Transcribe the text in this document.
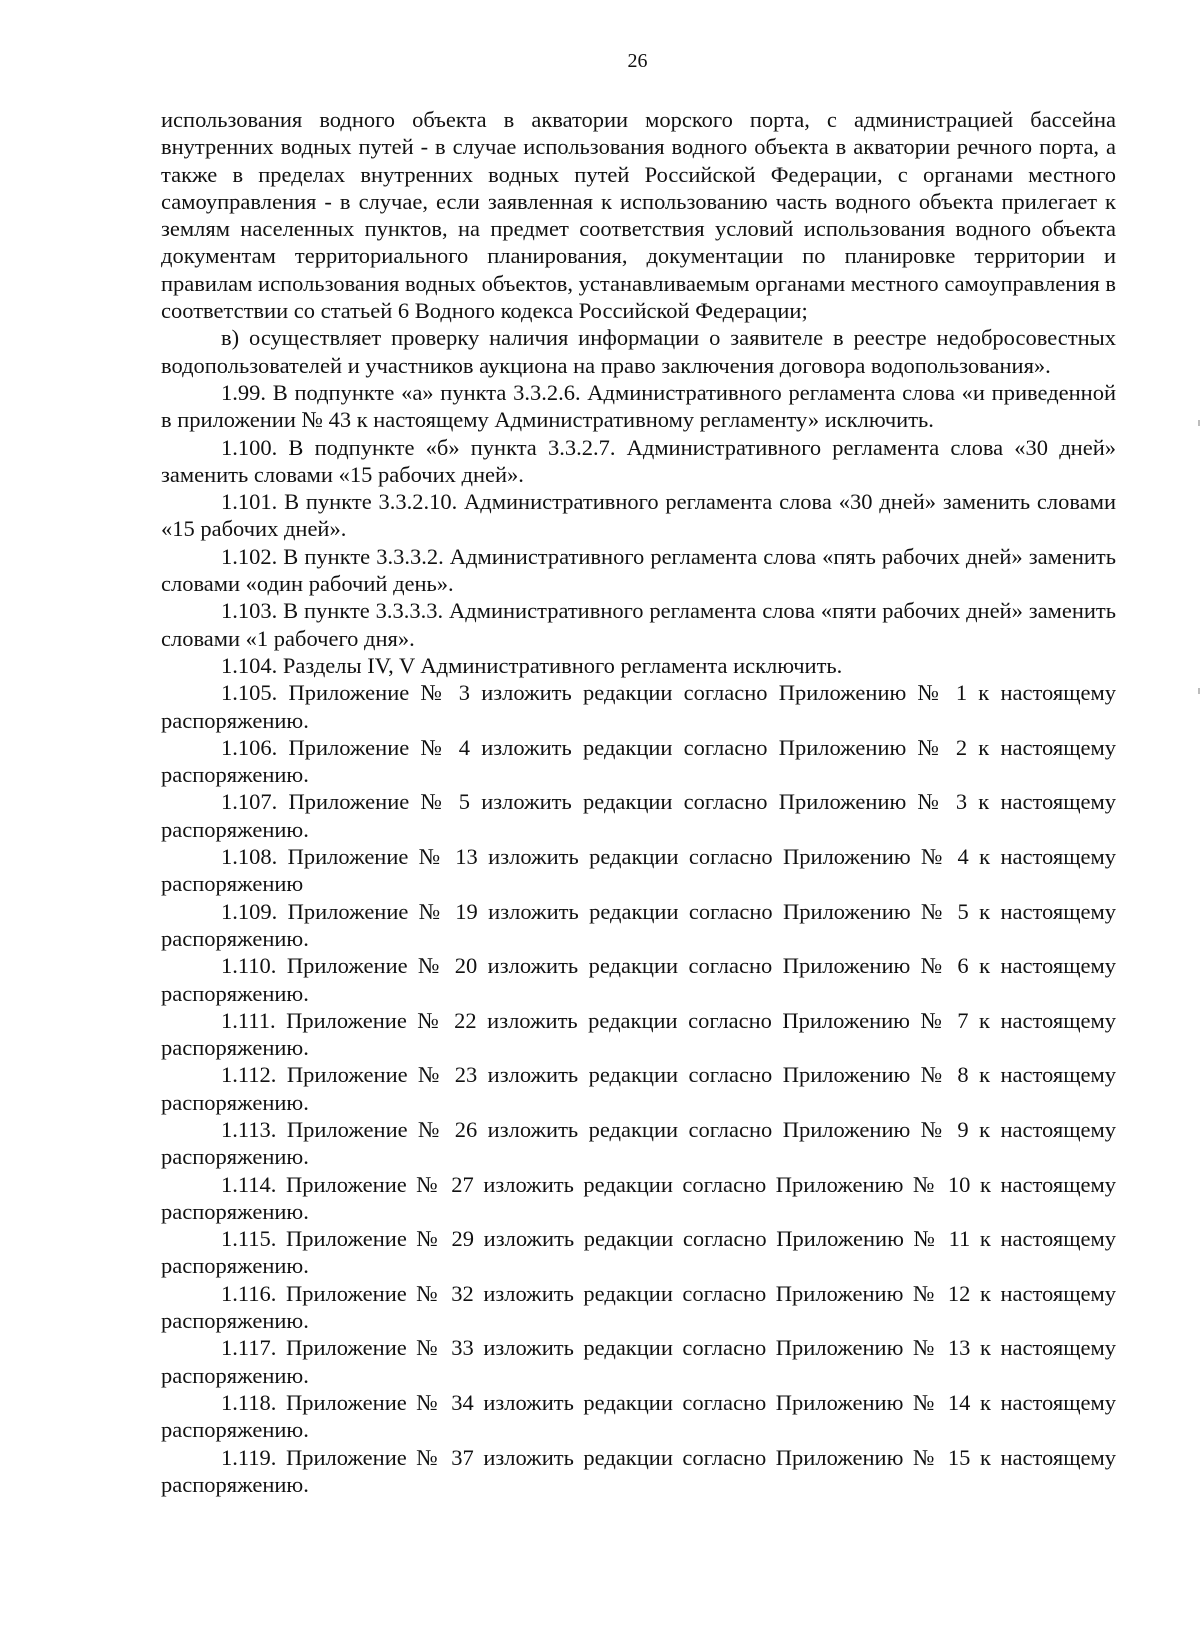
26

использования водного объекта в акватории морского порта, с администрацией бассейна внутренних водных путей - в случае использования водного объекта в акватории речного порта, а также в пределах внутренних водных путей Российской Федерации, с органами местного самоуправления - в случае, если заявленная к использованию часть водного объекта прилегает к землям населенных пунктов, на предмет соответствия условий использования водного объекта документам территориального планирования, документации по планировке территории и правилам использования водных объектов, устанавливаемым органами местного самоуправления в соответствии со статьей 6 Водного кодекса Российской Федерации;

в) осуществляет проверку наличия информации о заявителе в реестре недобросовестных водопользователей и участников аукциона на право заключения договора водопользования».

1.99. В подпункте «а» пункта 3.3.2.6. Административного регламента слова «и приведенной в приложении № 43 к настоящему Административному регламенту» исключить.

1.100. В подпункте «б» пункта 3.3.2.7. Административного регламента слова «30 дней» заменить словами «15 рабочих дней».

1.101. В пункте 3.3.2.10. Административного регламента слова «30 дней» заменить словами «15 рабочих дней».

1.102. В пункте 3.3.3.2. Административного регламента слова «пять рабочих дней» заменить словами «один рабочий день».

1.103. В пункте 3.3.3.3. Административного регламента слова «пяти рабочих дней» заменить словами «1 рабочего дня».

1.104. Разделы IV, V Административного регламента исключить.

1.105. Приложение № 3 изложить редакции согласно Приложению № 1 к настоящему распоряжению.

1.106. Приложение № 4 изложить редакции согласно Приложению № 2 к настоящему распоряжению.

1.107. Приложение № 5 изложить редакции согласно Приложению № 3 к настоящему распоряжению.

1.108. Приложение № 13 изложить редакции согласно Приложению № 4 к настоящему распоряжению

1.109. Приложение № 19 изложить редакции согласно Приложению № 5 к настоящему распоряжению.

1.110. Приложение № 20 изложить редакции согласно Приложению № 6 к настоящему распоряжению.

1.111. Приложение № 22 изложить редакции согласно Приложению № 7 к настоящему распоряжению.

1.112. Приложение № 23 изложить редакции согласно Приложению № 8 к настоящему распоряжению.

1.113. Приложение № 26 изложить редакции согласно Приложению № 9 к настоящему распоряжению.

1.114. Приложение № 27 изложить редакции согласно Приложению № 10 к настоящему распоряжению.

1.115. Приложение № 29 изложить редакции согласно Приложению № 11 к настоящему распоряжению.

1.116. Приложение № 32 изложить редакции согласно Приложению № 12 к настоящему распоряжению.

1.117. Приложение № 33 изложить редакции согласно Приложению № 13 к настоящему распоряжению.

1.118. Приложение № 34 изложить редакции согласно Приложению № 14 к настоящему распоряжению.

1.119. Приложение № 37 изложить редакции согласно Приложению № 15 к настоящему распоряжению.
